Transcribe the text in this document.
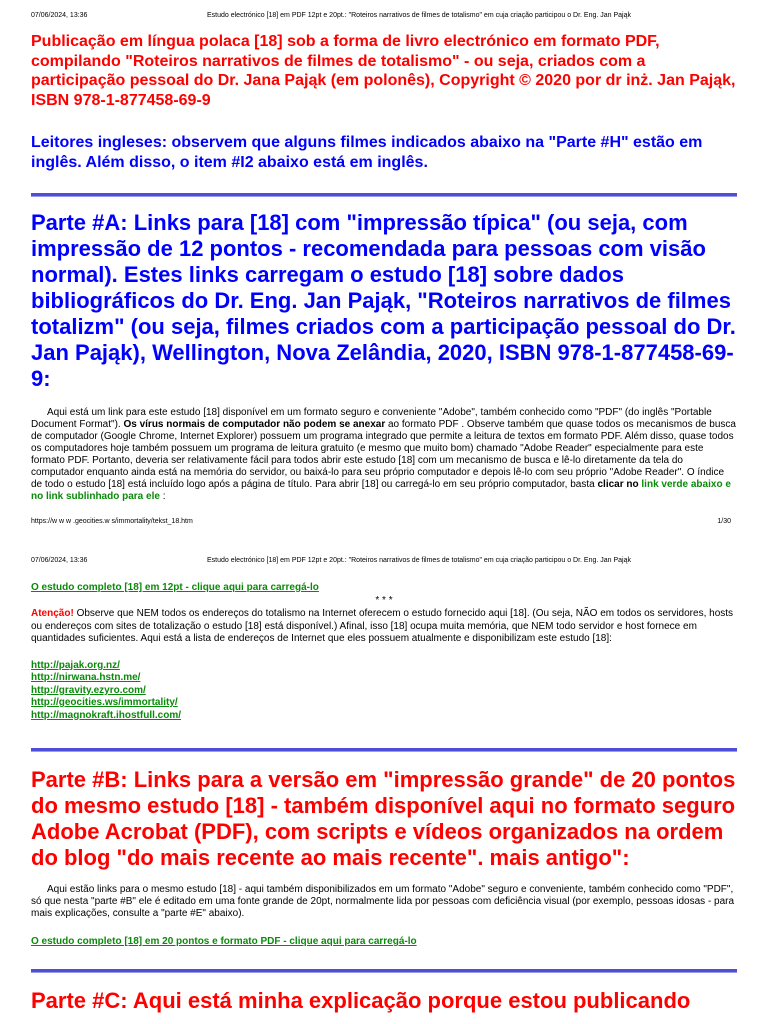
07/06/2024, 13:36	Estudo electrónico [18] em PDF 12pt e 20pt.: "Roteiros narrativos de filmes de totalismo" em cuja criação participou o Dr. Eng. Jan Pająk
Publicação em língua polaca [18] sob a forma de livro electrónico em formato PDF, compilando "Roteiros narrativos de filmes de totalismo" - ou seja, criados com a participação pessoal do Dr. Jana Pająk (em polonês), Copyright © 2020 por dr inż. Jan Pająk, ISBN 978-1-877458-69-9
Leitores ingleses: observem que alguns filmes indicados abaixo na "Parte #H" estão em inglês. Além disso, o item #I2 abaixo está em inglês.
Parte #A: Links para [18] com "impressão típica" (ou seja, com impressão de 12 pontos - recomendada para pessoas com visão normal). Estes links carregam o estudo [18] sobre dados bibliográficos do Dr. Eng. Jan Pająk, "Roteiros narrativos de filmes totalizm" (ou seja, filmes criados com a participação pessoal do Dr. Jan Pająk), Wellington, Nova Zelândia, 2020, ISBN 978-1-877458-69-9:
Aqui está um link para este estudo [18] disponível em um formato seguro e conveniente "Adobe", também conhecido como "PDF" (do inglês "Portable Document Format"). Os vírus normais de computador não podem se anexar ao formato PDF . Observe também que quase todos os mecanismos de busca de computador (Google Chrome, Internet Explorer) possuem um programa integrado que permite a leitura de textos em formato PDF. Além disso, quase todos os computadores hoje também possuem um programa de leitura gratuito (e mesmo que muito bom) chamado "Adobe Reader" especialmente para este formato PDF. Portanto, deveria ser relativamente fácil para todos abrir este estudo [18] com um mecanismo de busca e lê-lo diretamente da tela do computador enquanto ainda está na memória do servidor, ou baixá-lo para seu próprio computador e depois lê-lo com seu próprio "Adobe Reader". O índice de todo o estudo [18] está incluído logo após a página de título. Para abrir [18] ou carregá-lo em seu próprio computador, basta clicar no link verde abaixo e no link sublinhado para ele :
https://w w w .geocities.w s/immortality/tekst_18.htm	1/30
07/06/2024, 13:36	Estudo electrónico [18] em PDF 12pt e 20pt.: "Roteiros narrativos de filmes de totalismo" em cuja criação participou o Dr. Eng. Jan Pająk
O estudo completo [18] em 12pt - clique aqui para carregá-lo
* * *
Atenção! Observe que NEM todos os endereços do totalismo na Internet oferecem o estudo fornecido aqui [18]. (Ou seja, NÃO em todos os servidores, hosts ou endereços com sites de totalização o estudo [18] está disponível.) Afinal, isso [18] ocupa muita memória, que NEM todo servidor e host fornece em quantidades suficientes. Aqui está a lista de endereços de Internet que eles possuem atualmente e disponibilizam este estudo [18]:
http://pajak.org.nz/
http://nirwana.hstn.me/
http://gravity.ezyro.com/
http://geocities.ws/immortality/
http://magnokraft.ihostfull.com/
Parte #B: Links para a versão em "impressão grande" de 20 pontos do mesmo estudo [18] - também disponível aqui no formato seguro Adobe Acrobat (PDF), com scripts e vídeos organizados na ordem do blog "do mais recente ao mais recente". mais antigo":
Aqui estão links para o mesmo estudo [18] - aqui também disponibilizados em um formato "Adobe" seguro e conveniente, também conhecido como "PDF", só que nesta "parte #B" ele é editado em uma fonte grande de 20pt, normalmente lida por pessoas com deficiência visual (por exemplo, pessoas idosas - para mais explicações, consulte a "parte #E" abaixo).
O estudo completo [18] em 20 pontos e formato PDF - clique aqui para carregá-lo
Parte #C: Aqui está minha explicação porque estou publicando
